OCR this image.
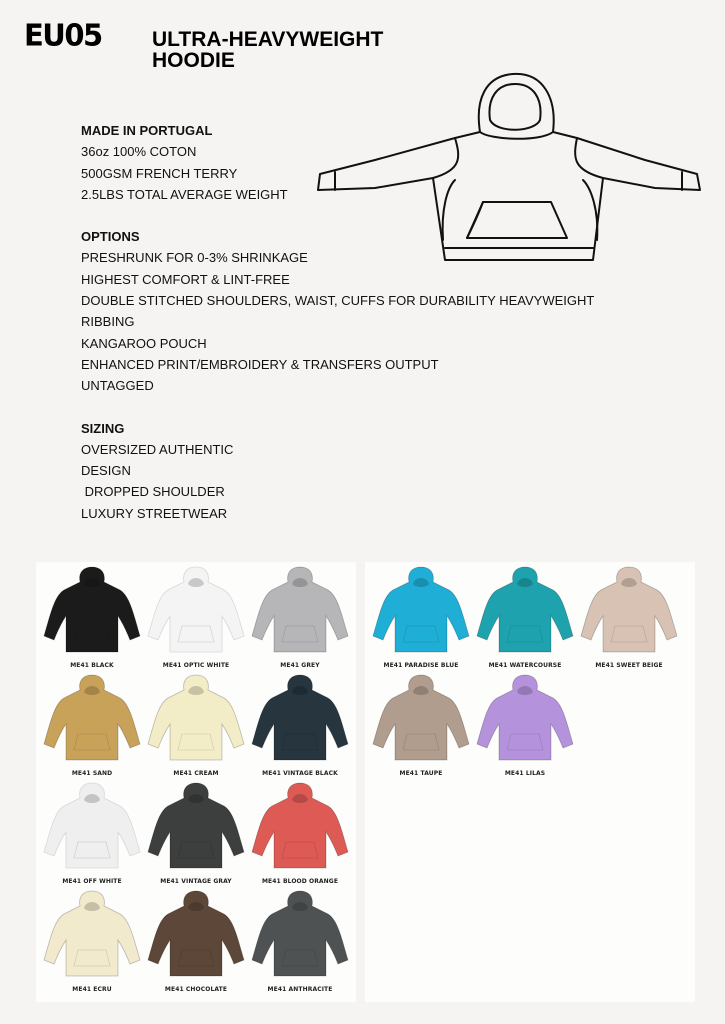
EU05 ULTRA-HEAVYWEIGHT
HOODIE
MADE IN PORTUGAL
36oz 100% COTON
500GSM FRENCH TERRY
2.5LBS TOTAL AVERAGE WEIGHT
OPTIONS
PRESHRUNK FOR 0-3% SHRINKAGE
HIGHEST COMFORT & LINT-FREE
DOUBLE STITCHED SHOULDERS, WAIST, CUFFS FOR DURABILITY HEAVYWEIGHT
RIBBING
KANGAROO POUCH
ENHANCED PRINT/EMBROIDERY & TRANSFERS OUTPUT
UNTAGGED
SIZING
OVERSIZED AUTHENTIC
DESIGN
DROPPED SHOULDER
LUXURY STREETWEAR
ME41 BLACK	ME41 OPTIC WHITE	ME41 GREY
ME41 SAND	ME41 CREAM	ME41 VINTAGE BLACK
ME41 OFF WHITE	ME41 VINTAGE GRAY	ME41 BLOOD ORANGE
ME41 ECRU	ME41 CHOCOLATE	ME41 ANTHRACITE
ME41 PARADISE BLUE	ME41 WATERCOURSE	ME41 SWEET BEIGE
ME41 TAUPE	ME41 LILAS
